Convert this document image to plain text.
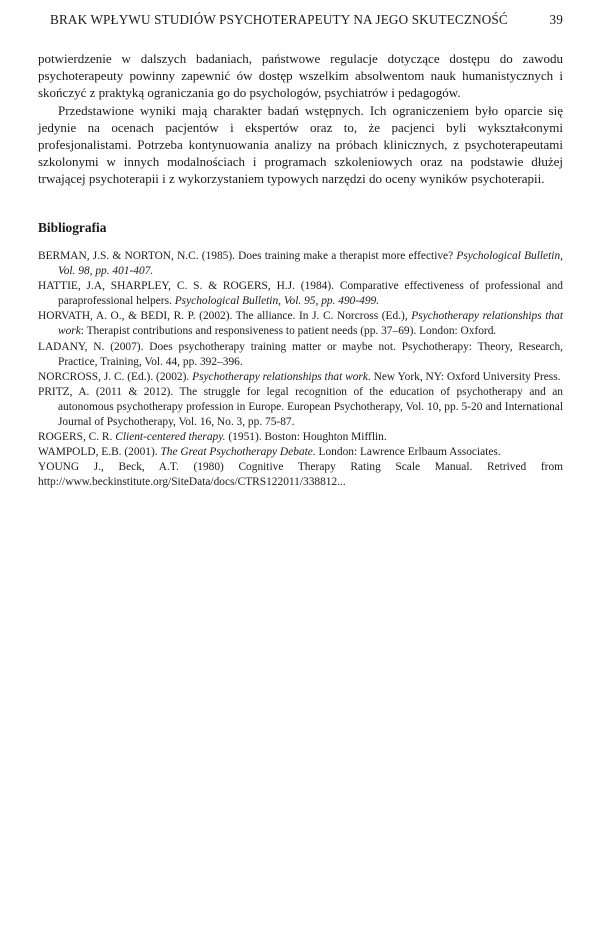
BRAK WPŁYWU STUDIÓW PSYCHOTERAPEUTY NA JEGO SKUTECZNOŚĆ	39

potwierdzenie w dalszych badaniach, państwowe regulacje dotyczące dostępu do zawodu psychoterapeuty powinny zapewnić ów dostęp wszelkim absolwentom nauk humanistycznych i skończyć z praktyką ograniczania go do psychologów, psychiatrów i pedagogów.

Przedstawione wyniki mają charakter badań wstępnych. Ich ograniczeniem było oparcie się jedynie na ocenach pacjentów i ekspertów oraz to, że pacjenci byli wykształconymi profesjonalistami. Potrzeba kontynuowania analizy na próbach klinicznych, z psychoterapeutami szkolonymi w innych modalnościach i programach szkoleniowych oraz na podstawie dłużej trwającej psychoterapii i z wykorzystaniem typowych narzędzi do oceny wyników psychoterapii.

Bibliografia

BERMAN, J.S. & NORTON, N.C. (1985). Does training make a therapist more effective? Psychological Bulletin, Vol. 98, pp. 401-407.

HATTIE, J.A, SHARPLEY, C. S. & ROGERS, H.J. (1984). Comparative effectiveness of professional and paraprofessional helpers. Psychological Bulletin, Vol. 95, pp. 490-499.

HORVATH, A. O., & BEDI, R. P. (2002). The alliance. In J. C. Norcross (Ed.), Psychotherapy relationships that work: Therapist contributions and responsiveness to patient needs (pp. 37–69). London: Oxford.

LADANY, N. (2007). Does psychotherapy training matter or maybe not. Psychotherapy: Theory, Research, Practice, Training, Vol. 44, pp. 392–396.

NORCROSS, J. C. (Ed.). (2002). Psychotherapy relationships that work. New York, NY: Oxford University Press.

PRITZ, A. (2011 & 2012). The struggle for legal recognition of the education of psychotherapy and an autonomous psychotherapy profession in Europe. European Psychotherapy, Vol. 10, pp. 5-20 and International Journal of Psychotherapy, Vol. 16, No. 3, pp. 75-87.

ROGERS, C. R. Client-centered therapy. (1951). Boston: Houghton Mifflin.

WAMPOLD, E.B. (2001). The Great Psychotherapy Debate. London: Lawrence Erlbaum Associates.

YOUNG J., Beck, A.T. (1980) Cognitive Therapy Rating Scale Manual. Retrived from http://www.beckinstitute.org/SiteData/docs/CTRS122011/338812...
